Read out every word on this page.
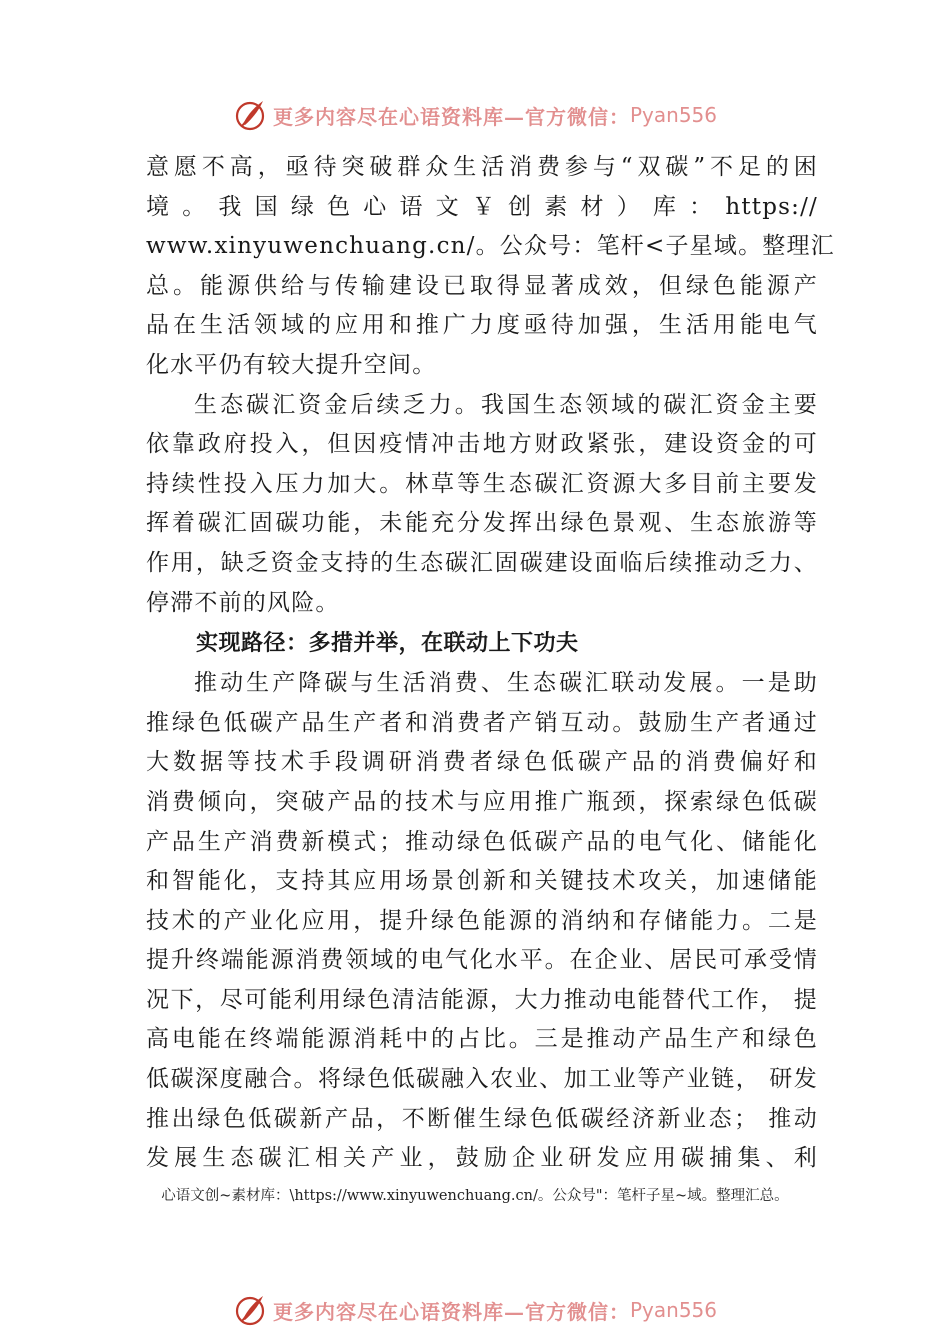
更多内容尽在心语资料库—官方微信： Pyan556

意愿不高，亟待突破群众生活消费参与“双碳”不足的困
境。我国绿色心语文￥创素材）库：https://
www.xinyuwenchuang.cn/。公众号：笔杆<子星域。整理汇
总。能源供给与传输建设已取得显著成效，但绿色能源产
品在生活领域的应用和推广力度亟待加强，生活用能电气
化水平仍有较大提升空间。

生态碳汇资金后续乏力。我国生态领域的碳汇资金主要
依靠政府投入，但因疫情冲击地方财政紧张，建设资金的可
持续性投入压力加大。林草等生态碳汇资源大多目前主要发
挥着碳汇固碳功能，未能充分发挥出绿色景观、生态旅游等
作用，缺乏资金支持的生态碳汇固碳建设面临后续推动乏力、
停滞不前的风险。

实现路径：多措并举，在联动上下功夫

推动生产降碳与生活消费、生态碳汇联动发展。一是助
推绿色低碳产品生产者和消费者产销互动。鼓励生产者通过
大数据等技术手段调研消费者绿色低碳产品的消费偏好和
消费倾向，突破产品的技术与应用推广瓶颈，探索绿色低碳
产品生产消费新模式；推动绿色低碳产品的电气化、储能化
和智能化，支持其应用场景创新和关键技术攻关，加速储能
技术的产业化应用，提升绿色能源的消纳和存储能力。二是
提升终端能源消费领域的电气化水平。在企业、居民可承受情
况下，尽可能利用绿色清洁能源，大力推动电能替代工作， 提
高电能在终端能源消耗中的占比。三是推动产品生产和绿色
低碳深度融合。将绿色低碳融入农业、加工业等产业链， 研发
推出绿色低碳新产品，不断催生绿色低碳经济新业态； 推动
发展生态碳汇相关产业，鼓励企业研发应用碳捕集、利

心语文创~素材库：\https://www.xinyuwenchuang.cn/。公众号"：笔杆子星~域。整理汇总。
更多内容尽在心语资料库—官方微信： Pyan556
